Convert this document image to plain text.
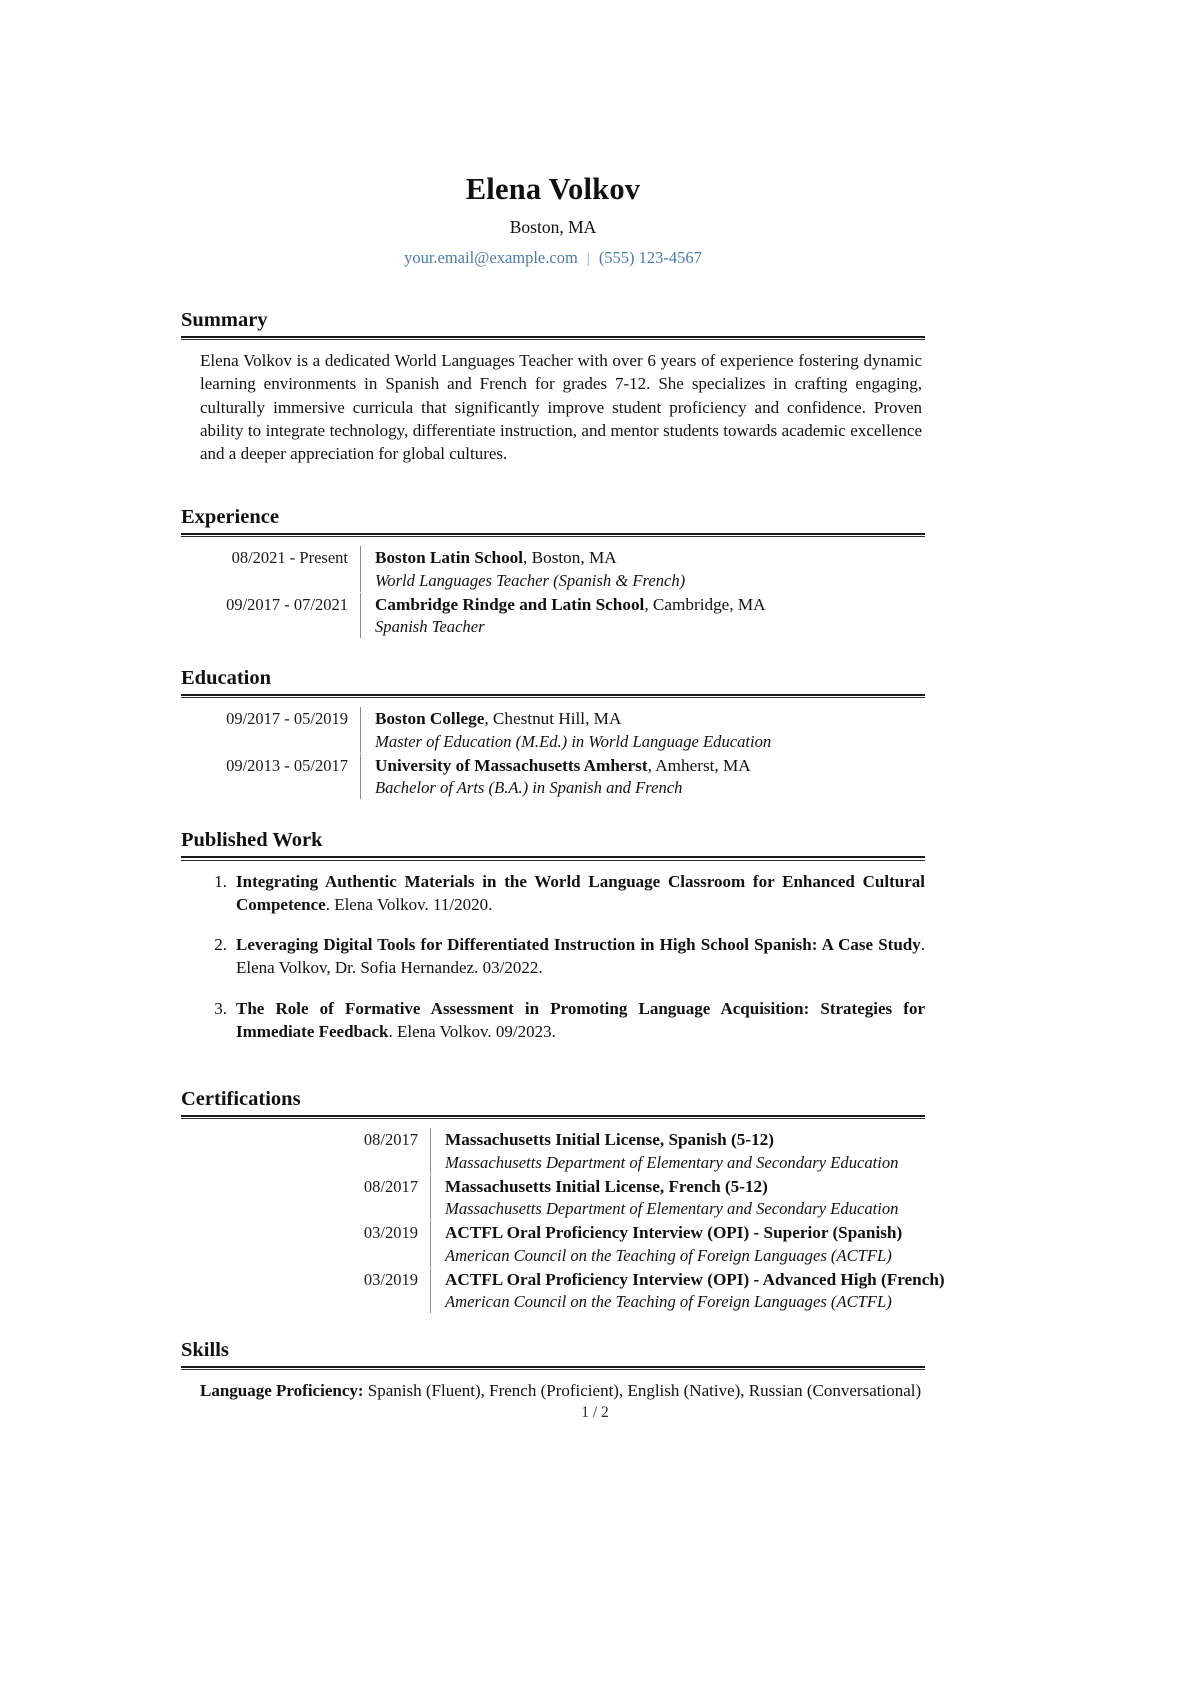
Elena Volkov
Boston, MA
your.email@example.com | (555) 123-4567
Summary
Elena Volkov is a dedicated World Languages Teacher with over 6 years of experience fostering dynamic learning environments in Spanish and French for grades 7-12. She specializes in crafting engaging, culturally immersive curricula that significantly improve student proficiency and confidence. Proven ability to integrate technology, differentiate instruction, and mentor students towards academic excellence and a deeper appreciation for global cultures.
Experience
08/2021 - Present	Boston Latin School, Boston, MA
World Languages Teacher (Spanish & French)
09/2017 - 07/2021	Cambridge Rindge and Latin School, Cambridge, MA
Spanish Teacher
Education
09/2017 - 05/2019	Boston College, Chestnut Hill, MA
Master of Education (M.Ed.) in World Language Education
09/2013 - 05/2017	University of Massachusetts Amherst, Amherst, MA
Bachelor of Arts (B.A.) in Spanish and French
Published Work
1. Integrating Authentic Materials in the World Language Classroom for Enhanced Cultural Competence. Elena Volkov. 11/2020.
2. Leveraging Digital Tools for Differentiated Instruction in High School Spanish: A Case Study. Elena Volkov, Dr. Sofia Hernandez. 03/2022.
3. The Role of Formative Assessment in Promoting Language Acquisition: Strategies for Immediate Feedback. Elena Volkov. 09/2023.
Certifications
08/2017	Massachusetts Initial License, Spanish (5-12)
Massachusetts Department of Elementary and Secondary Education
08/2017	Massachusetts Initial License, French (5-12)
Massachusetts Department of Elementary and Secondary Education
03/2019	ACTFL Oral Proficiency Interview (OPI) - Superior (Spanish)
American Council on the Teaching of Foreign Languages (ACTFL)
03/2019	ACTFL Oral Proficiency Interview (OPI) - Advanced High (French)
American Council on the Teaching of Foreign Languages (ACTFL)
Skills
Language Proficiency: Spanish (Fluent), French (Proficient), English (Native), Russian (Conversational)
1 / 2
